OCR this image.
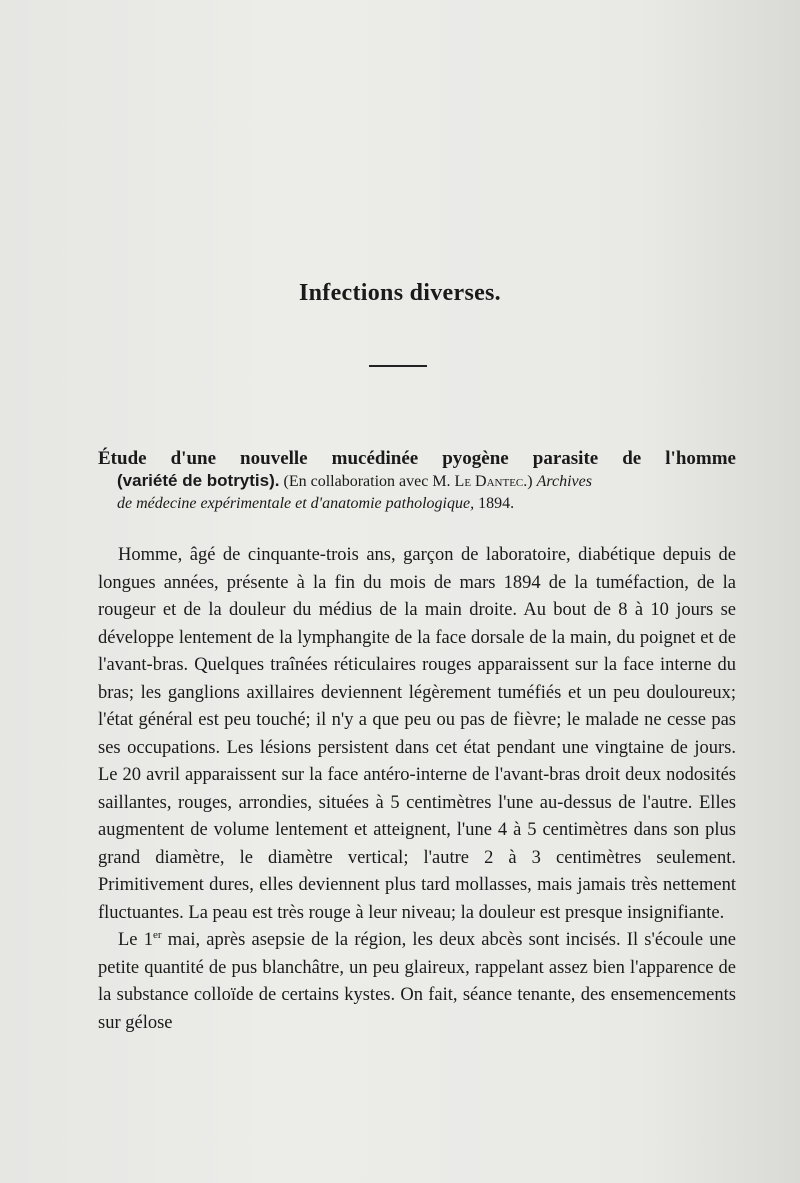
Infections diverses.
Étude d'une nouvelle mucédinée pyogène parasite de l'homme
(variété de botrytis). (En collaboration avec M. Le Dantec.) Archives
de médecine expérimentale et d'anatomie pathologique, 1894.

Homme, âgé de cinquante-trois ans, garçon de laboratoire, diabétique depuis de longues années, présente à la fin du mois de mars 1894 de la tuméfaction, de la rougeur et de la douleur du médius de la main droite. Au bout de 8 à 10 jours se développe lentement de la lymphangite de la face dorsale de la main, du poignet et de l'avant-bras. Quelques traînées réticulaires rouges apparaissent sur la face interne du bras; les ganglions axillaires deviennent légèrement tuméfiés et un peu douloureux; l'état général est peu touché; il n'y a que peu ou pas de fièvre; le malade ne cesse pas ses occupations. Les lésions persistent dans cet état pendant une vingtaine de jours. Le 20 avril apparaissent sur la face antéro-interne de l'avant-bras droit deux nodosités saillantes, rouges, arrondies, situées à 5 centimètres l'une au-dessus de l'autre. Elles augmentent de volume lentement et atteignent, l'une 4 à 5 centimètres dans son plus grand diamètre, le diamètre vertical; l'autre 2 à 3 centimètres seulement. Primitivement dures, elles deviennent plus tard mollasses, mais jamais très nettement fluctuantes. La peau est très rouge à leur niveau; la douleur est presque insignifiante.

Le 1er mai, après asepsie de la région, les deux abcès sont incisés. Il s'écoule une petite quantité de pus blanchâtre, un peu glaireux, rappelant assez bien l'apparence de la substance colloïde de certains kystes. On fait, séance tenante, des ensemencements sur gélose
